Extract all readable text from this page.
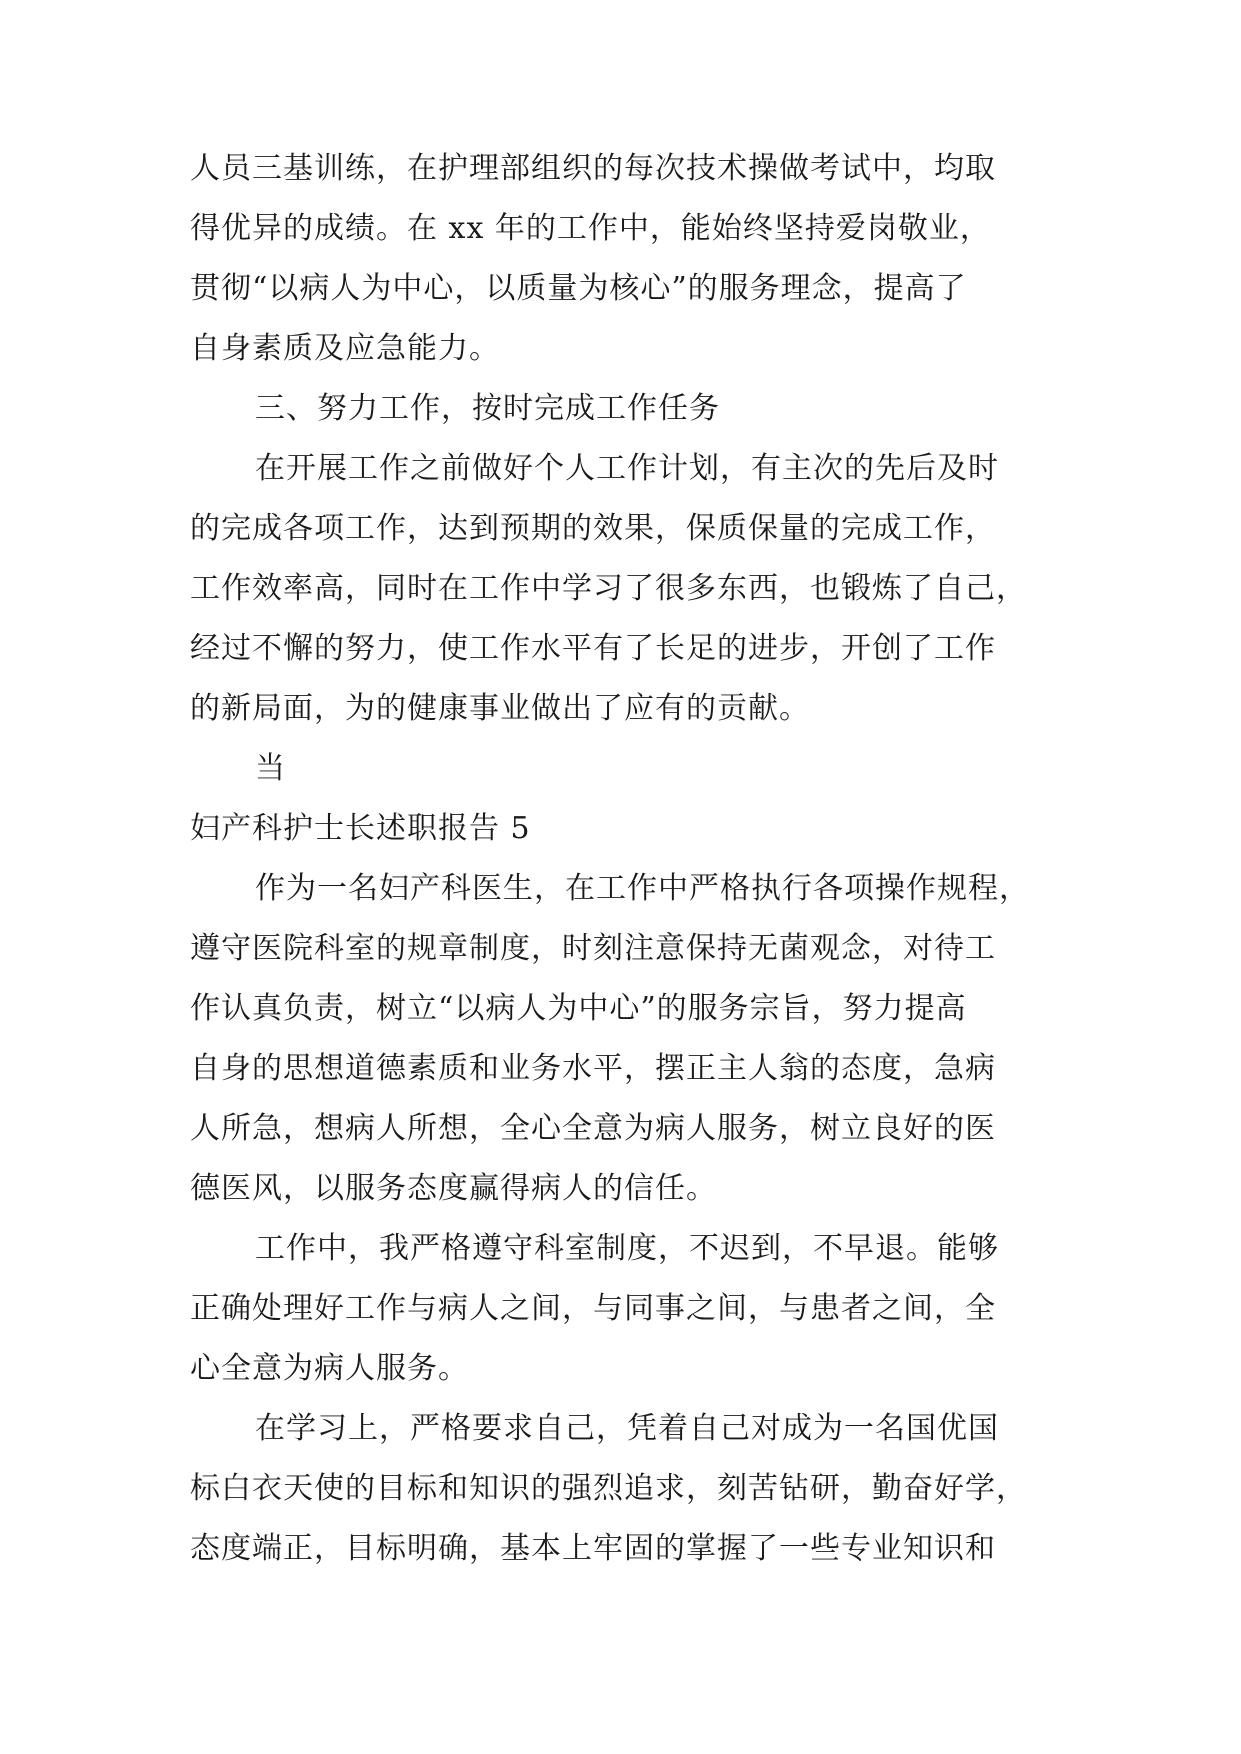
人员三基训练，在护理部组织的每次技术操做考试中，均取
得优异的成绩。在 xx 年的工作中，能始终坚持爱岗敬业，
贯彻“以病人为中心，以质量为核心”的服务理念，提高了
自身素质及应急能力。
三、努力工作，按时完成工作任务
在开展工作之前做好个人工作计划，有主次的先后及时
的完成各项工作，达到预期的效果，保质保量的完成工作，
工作效率高，同时在工作中学习了很多东西，也锻炼了自己，
经过不懈的努力，使工作水平有了长足的进步，开创了工作
的新局面，为的健康事业做出了应有的贡献。
当
妇产科护士长述职报告 5
作为一名妇产科医生，在工作中严格执行各项操作规程，
遵守医院科室的规章制度，时刻注意保持无菌观念，对待工
作认真负责，树立“以病人为中心”的服务宗旨，努力提高
自身的思想道德素质和业务水平，摆正主人翁的态度，急病
人所急，想病人所想，全心全意为病人服务，树立良好的医
德医风，以服务态度赢得病人的信任。
工作中，我严格遵守科室制度，不迟到，不早退。能够
正确处理好工作与病人之间，与同事之间，与患者之间，全
心全意为病人服务。
在学习上，严格要求自己，凭着自己对成为一名国优国
标白衣天使的目标和知识的强烈追求，刻苦钻研，勤奋好学，
态度端正，目标明确，基本上牢固的掌握了一些专业知识和
